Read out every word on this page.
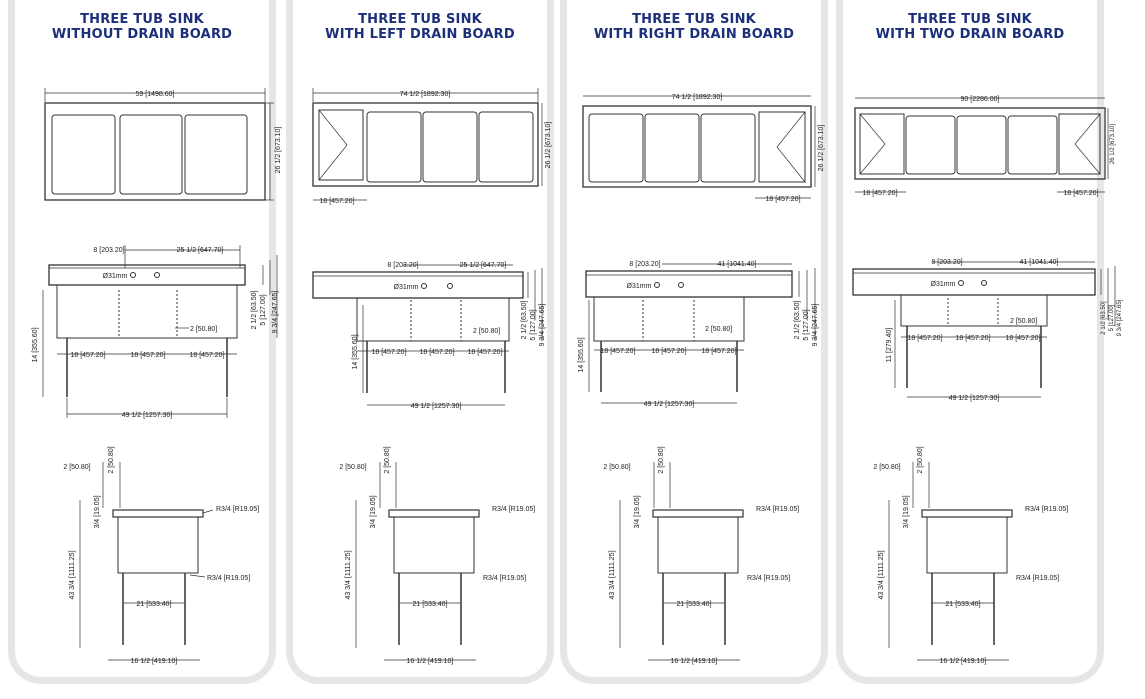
THREE TUB SINK
WITHOUT DRAIN BOARD
59 [1498.60]
26 1/2 [673.10]
8 [203.20]	25 1/2 [647.70]
Ø31mm
2 [50.80]
2 1/2 [63.50] 5 [127.00] 9 3/4 [247.65]
14 [355.60]	18 [457.20]	18 [457.20]	18 [457.20]
49 1/2 [1257.30]
2 [50.80] 2 [50.80]
3/4 [19.05]	R3/4 [R19.05]
R3/4 [R19.05]
43 3/4 [1111.25]
21 [533.40]
16 1/2 [419.10]
THREE TUB SINK
WITH LEFT DRAIN BOARD
74 1/2 [1892.30]
26 1/2 [673.10]
18 [457.20]
8 [203.20]	25 1/2 [647.70]
Ø31mm
2 [50.80]	2 1/2 [63.50] 5 [127.00] 9 3/4 [247.65]
14 [355.60] 18 [457.20] 18 [457.20] 18 [457.20]
49 1/2 [1257.30]
2 [50.80] 2 [50.80]
3/4 [19.05]	R3/4 [R19.05]
R3/4 [R19.05]
43 3/4 [1111.25]
21 [533.40]
16 1/2 [419.10]
THREE TUB SINK
WITH RIGHT DRAIN BOARD
74 1/2 [1892.30]
26 1/2 [673.10]
18 [457.20]
8 [203.20]	41 [1041.40]
Ø31mm
2 [50.80]	2 1/2 [63.50] 5 [127.00] 9 3/4 [247.65]
14 [355.60] 18 [457.20] 18 [457.20] 18 [457.20]
49 1/2 [1257.30]
2 [50.80]	2 [50.80]
3/4 [19.05]	R3/4 [R19.05]
R3/4 [R19.05]
43 3/4 [1111.25]
21 [533.40]
16 1/2 [419.10]
THREE TUB SINK
WITH TWO DRAIN BOARD
90 [2286.00]
26 1/2 [673.10]
18 [457.20]	18 [457.20]
8 [203.20]	41 [1041.40]
Ø31mm
2 [50.80]	2 1/2 [63.50] 5 [127.00] 9 3/4 [247.65]
11 [279.40] 18 [457.20] 18 [457.20] 18 [457.20]
49 1/2 [1257.30]
2 [50.80] 2 [50.80]
3/4 [19.05]	R3/4 [R19.05]
R3/4 [R19.05]
43 3/4 [1111.25]
21 [533.40]
16 1/2 [419.10]
